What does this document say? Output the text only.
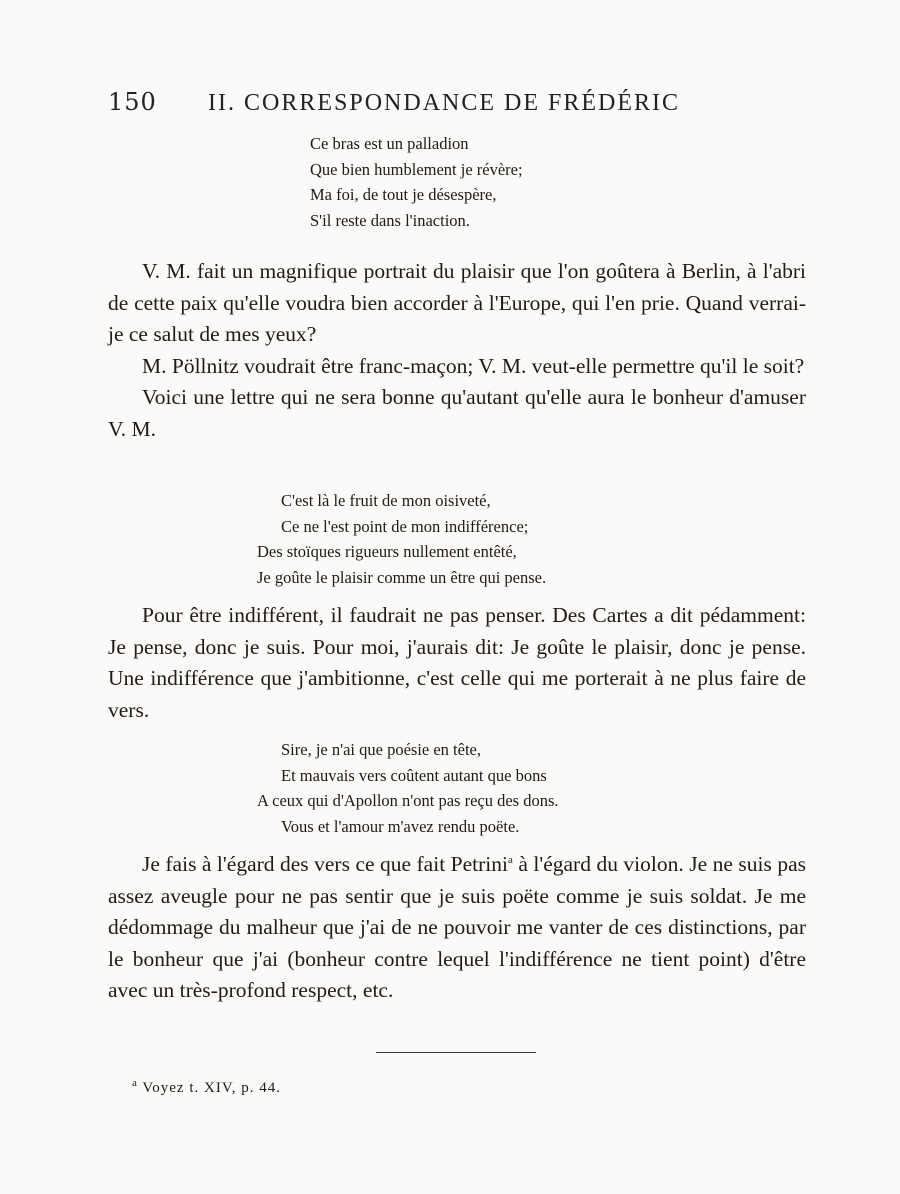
150 II. CORRESPONDANCE DE FRÉDÉRIC
Ce bras est un palladion
Que bien humblement je révère;
Ma foi, de tout je désespère,
S'il reste dans l'inaction.

V. M. fait un magnifique portrait du plaisir que l'on goûtera à Berlin, à l'abri de cette paix qu'elle voudra bien accorder à l'Europe, qui l'en prie. Quand verrai-je ce salut de mes yeux?

M. Pöllnitz voudrait être franc-maçon; V. M. veut-elle permettre qu'il le soit?

Voici une lettre qui ne sera bonne qu'autant qu'elle aura le bonheur d'amuser V. M.

C'est là le fruit de mon oisiveté,
Ce ne l'est point de mon indifférence;
Des stoïques rigueurs nullement entêté,
Je goûte le plaisir comme un être qui pense.

Pour être indifférent, il faudrait ne pas penser. Des Cartes a dit pédamment: Je pense, donc je suis. Pour moi, j'aurais dit: Je goûte le plaisir, donc je pense. Une indifférence que j'ambitionne, c'est celle qui me porterait à ne plus faire de vers.

Sire, je n'ai que poésie en tête,
Et mauvais vers coûtent autant que bons
A ceux qui d'Apollon n'ont pas reçu des dons.
Vous et l'amour m'avez rendu poëte.

Je fais à l'égard des vers ce que fait Petrini$^a$ à l'égard du violon. Je ne suis pas assez aveugle pour ne pas sentir que je suis poëte comme je suis soldat. Je me dédommage du malheur que j'ai de ne pouvoir me vanter de ces distinctions, par le bonheur que j'ai (bonheur contre lequel l'indifférence ne tient point) d'être avec un très-profond respect, etc.

$^a$ Voyez t. XIV, p. 44.
